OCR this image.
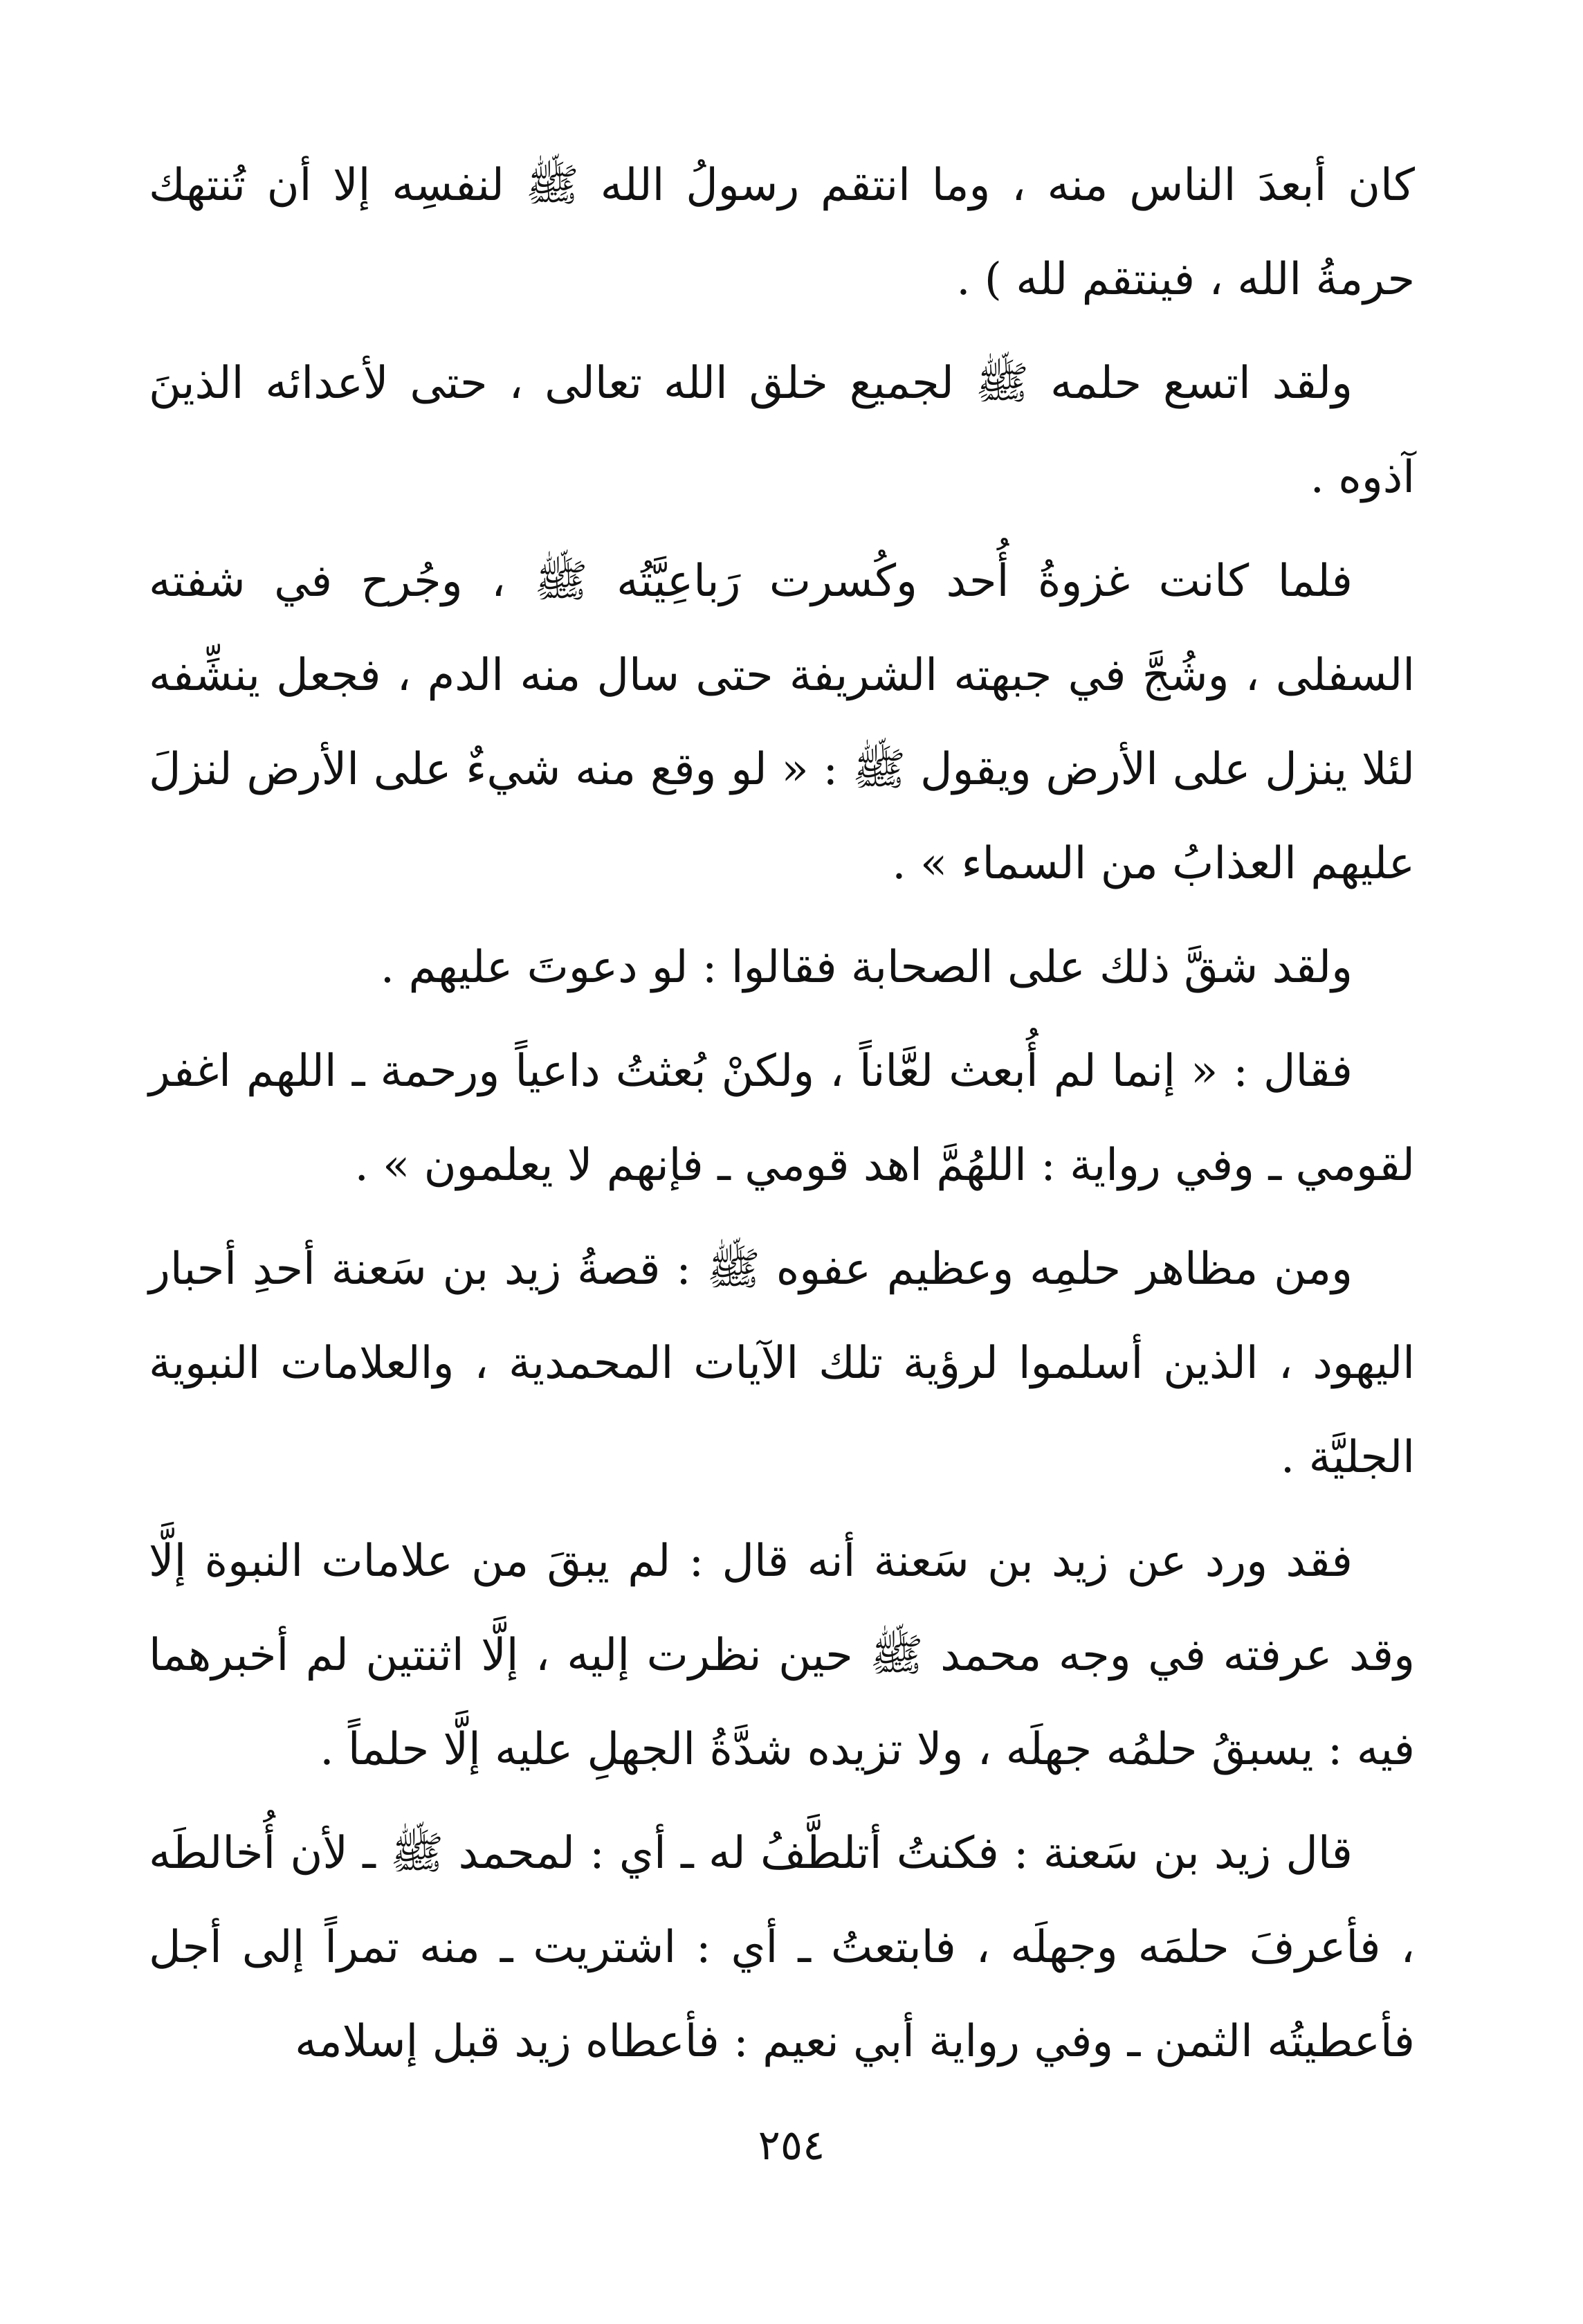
كان أبعدَ الناس منه ، وما انتقم رسولُ الله ﷺ لنفسِه إلا أن تُنتهك حرمةُ الله ، فينتقم لله ) .

ولقد اتسع حلمه ﷺ لجميع خلق الله تعالى ، حتى لأعدائه الذينَ آذوه .

فلما كانت غزوةُ أُحد وكُسرت رَباعِيَّتُه ﷺ ، وجُرح في شفته السفلى ، وشُجَّ في جبهته الشريفة حتى سال منه الدم ، فجعل ينشِّفه لئلا ينزل على الأرض ويقول ﷺ : « لو وقع منه شيءٌ على الأرض لنزلَ عليهم العذابُ من السماء » .

ولقد شقَّ ذلك على الصحابة فقالوا : لو دعوتَ عليهم .

فقال : « إنما لم أُبعث لعَّاناً ، ولكنْ بُعثتُ داعياً ورحمة ـ اللهم اغفر لقومي ـ وفي رواية : اللهُمَّ اهد قومي ـ فإنهم لا يعلمون » .

ومن مظاهر حلمِه وعظيم عفوه ﷺ : قصةُ زيد بن سَعنة أحدِ أحبار اليهود ، الذين أسلموا لرؤية تلك الآيات المحمدية ، والعلامات النبوية الجليَّة .

فقد ورد عن زيد بن سَعنة أنه قال : لم يبقَ من علامات النبوة إلَّا وقد عرفته في وجه محمد ﷺ حين نظرت إليه ، إلَّا اثنتين لم أخبرهما فيه : يسبقُ حلمُه جهلَه ، ولا تزيده شدَّةُ الجهلِ عليه إلَّا حلماً .

قال زيد بن سَعنة : فكنتُ أتلطَّفُ له ـ أي : لمحمد ﷺ ـ لأن أُخالطَه ، فأعرفَ حلمَه وجهلَه ، فابتعتُ ـ أي : اشتريت ـ منه تمراً إلى أجل فأعطيتُه الثمن ـ وفي رواية أبي نعيم : فأعطاه زيد قبل إسلامه

٢٥٤
